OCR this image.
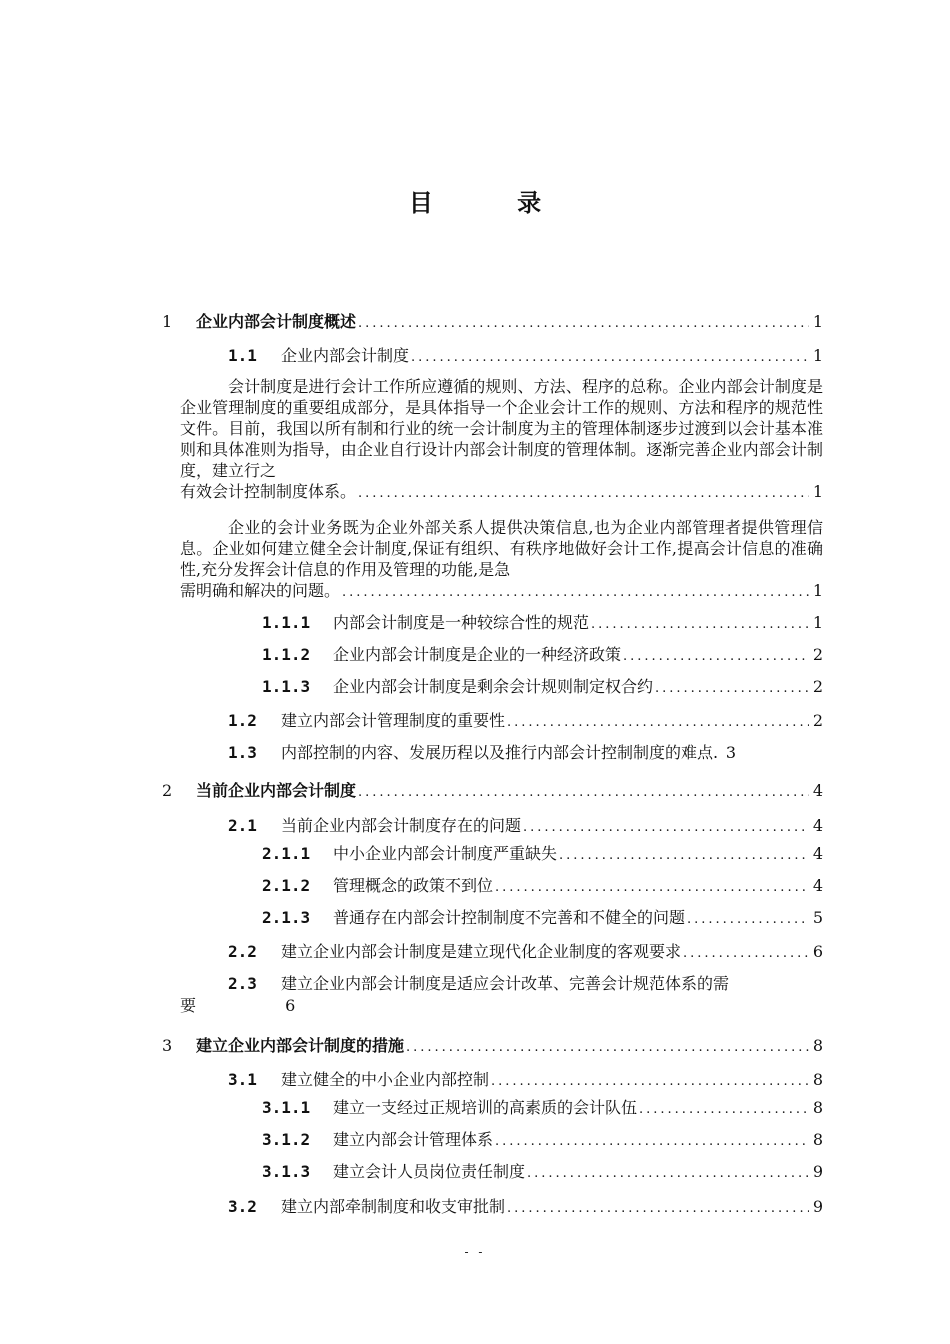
目 录
1	企业内部会计制度概述 .....	1
1.1	企业内部会计制度 .....	1
会计制度是进行会计工作所应遵循的规则、方法、程序的总称。企业内部会计制度是企业管理制度的重要组成部分，是具体指导一个企业会计工作的规则、方法和程序的规范性文件。目前，我国以所有制和行业的统一会计制度为主的管理体制逐步过渡到以会计基本准则和具体准则为指导，由企业自行设计内部会计制度的管理体制。逐渐完善企业内部会计制度，建立行之
有效会计控制制度体系。 .....	1
企业的会计业务既为企业外部关系人提供决策信息,也为企业内部管理者提供管理信息。企业如何建立健全会计制度,保证有组织、有秩序地做好会计工作,提高会计信息的准确性,充分发挥会计信息的作用及管理的功能,是急
需明确和解决的问题。 .....	1
1.1.1	内部会计制度是一种较综合性的规范 .....	1
1.1.2	企业内部会计制度是企业的一种经济政策 .....	2
1.1.3	企业内部会计制度是剩余会计规则制定权合约 .....	2
1.2	建立内部会计管理制度的重要性 .....	2
1.3	内部控制的内容、发展历程以及推行内部会计控制制度的难点. 3
2	当前企业内部会计制度 .....	4
2.1	当前企业内部会计制度存在的问题 .....	4
2.1.1	中小企业内部会计制度严重缺失 .....	4
2.1.2	管理概念的政策不到位 .....	4
2.1.3	普通存在内部会计控制制度不完善和不健全的问题 .....	5
2.2	建立企业内部会计制度是建立现代化企业制度的客观要求 .....	6
2.3	建立企业内部会计制度是适应会计改革、完善会计规范体系的需
要	6
3	建立企业内部会计制度的措施 .....	8
3.1	建立健全的中小企业内部控制 .....	8
3.1.1	建立一支经过正规培训的高素质的会计队伍 .....	8
3.1.2	建立内部会计管理体系 .....	8
3.1.3	建立会计人员岗位责任制度 .....	9
3.2	建立内部牵制制度和收支审批制 .....	9
- -
